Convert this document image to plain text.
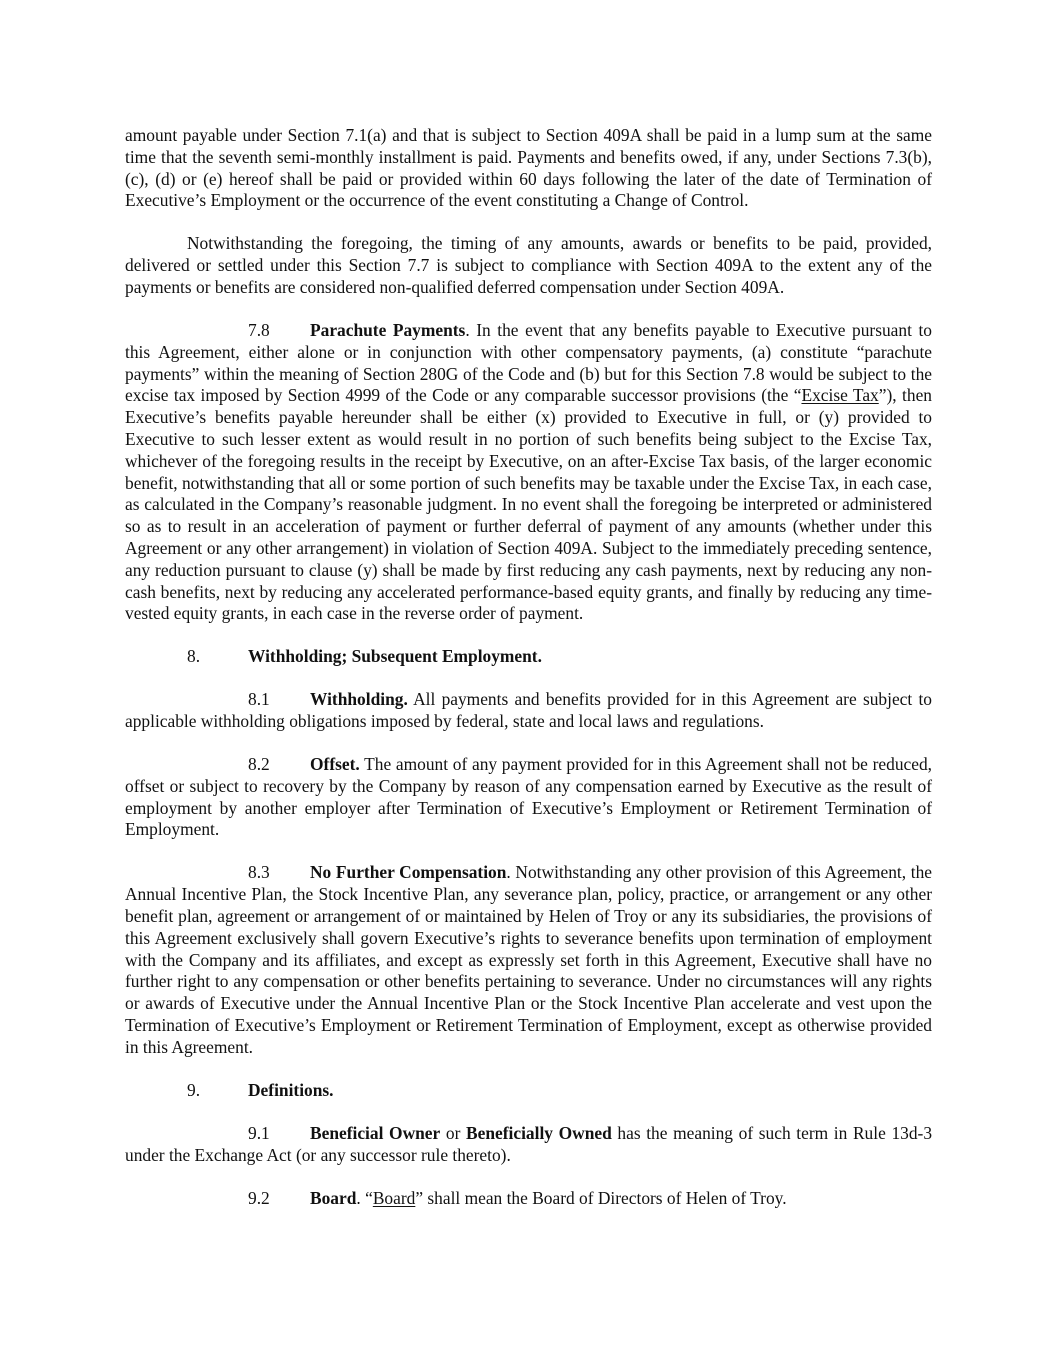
amount payable under Section 7.1(a) and that is subject to Section 409A shall be paid in a lump sum at the same time that the seventh semi-monthly installment is paid. Payments and benefits owed, if any, under Sections 7.3(b), (c), (d) or (e) hereof shall be paid or provided within 60 days following the later of the date of Termination of Executive’s Employment or the occurrence of the event constituting a Change of Control.

Notwithstanding the foregoing, the timing of any amounts, awards or benefits to be paid, provided, delivered or settled under this Section 7.7 is subject to compliance with Section 409A to the extent any of the payments or benefits are considered non-qualified deferred compensation under Section 409A.

7.8 Parachute Payments. In the event that any benefits payable to Executive pursuant to this Agreement, either alone or in conjunction with other compensatory payments, (a) constitute “parachute payments” within the meaning of Section 280G of the Code and (b) but for this Section 7.8 would be subject to the excise tax imposed by Section 4999 of the Code or any comparable successor provisions (the “Excise Tax”), then Executive’s benefits payable hereunder shall be either (x) provided to Executive in full, or (y) provided to Executive to such lesser extent as would result in no portion of such benefits being subject to the Excise Tax, whichever of the foregoing results in the receipt by Executive, on an after-Excise Tax basis, of the larger economic benefit, notwithstanding that all or some portion of such benefits may be taxable under the Excise Tax, in each case, as calculated in the Company’s reasonable judgment. In no event shall the foregoing be interpreted or administered so as to result in an acceleration of payment or further deferral of payment of any amounts (whether under this Agreement or any other arrangement) in violation of Section 409A. Subject to the immediately preceding sentence, any reduction pursuant to clause (y) shall be made by first reducing any cash payments, next by reducing any non-cash benefits, next by reducing any accelerated performance-based equity grants, and finally by reducing any time-vested equity grants, in each case in the reverse order of payment.

8.	Withholding; Subsequent Employment.

8.1 Withholding. All payments and benefits provided for in this Agreement are subject to applicable withholding obligations imposed by federal, state and local laws and regulations.

8.2 Offset. The amount of any payment provided for in this Agreement shall not be reduced, offset or subject to recovery by the Company by reason of any compensation earned by Executive as the result of employment by another employer after Termination of Executive’s Employment or Retirement Termination of Employment.

8.3 No Further Compensation. Notwithstanding any other provision of this Agreement, the Annual Incentive Plan, the Stock Incentive Plan, any severance plan, policy, practice, or arrangement or any other benefit plan, agreement or arrangement of or maintained by Helen of Troy or any its subsidiaries, the provisions of this Agreement exclusively shall govern Executive’s rights to severance benefits upon termination of employment with the Company and its affiliates, and except as expressly set forth in this Agreement, Executive shall have no further right to any compensation or other benefits pertaining to severance. Under no circumstances will any rights or awards of Executive under the Annual Incentive Plan or the Stock Incentive Plan accelerate and vest upon the Termination of Executive’s Employment or Retirement Termination of Employment, except as otherwise provided in this Agreement.

9.	Definitions.

9.1 Beneficial Owner or Beneficially Owned has the meaning of such term in Rule 13d-3 under the Exchange Act (or any successor rule thereto).

9.2 Board. “Board” shall mean the Board of Directors of Helen of Troy.
